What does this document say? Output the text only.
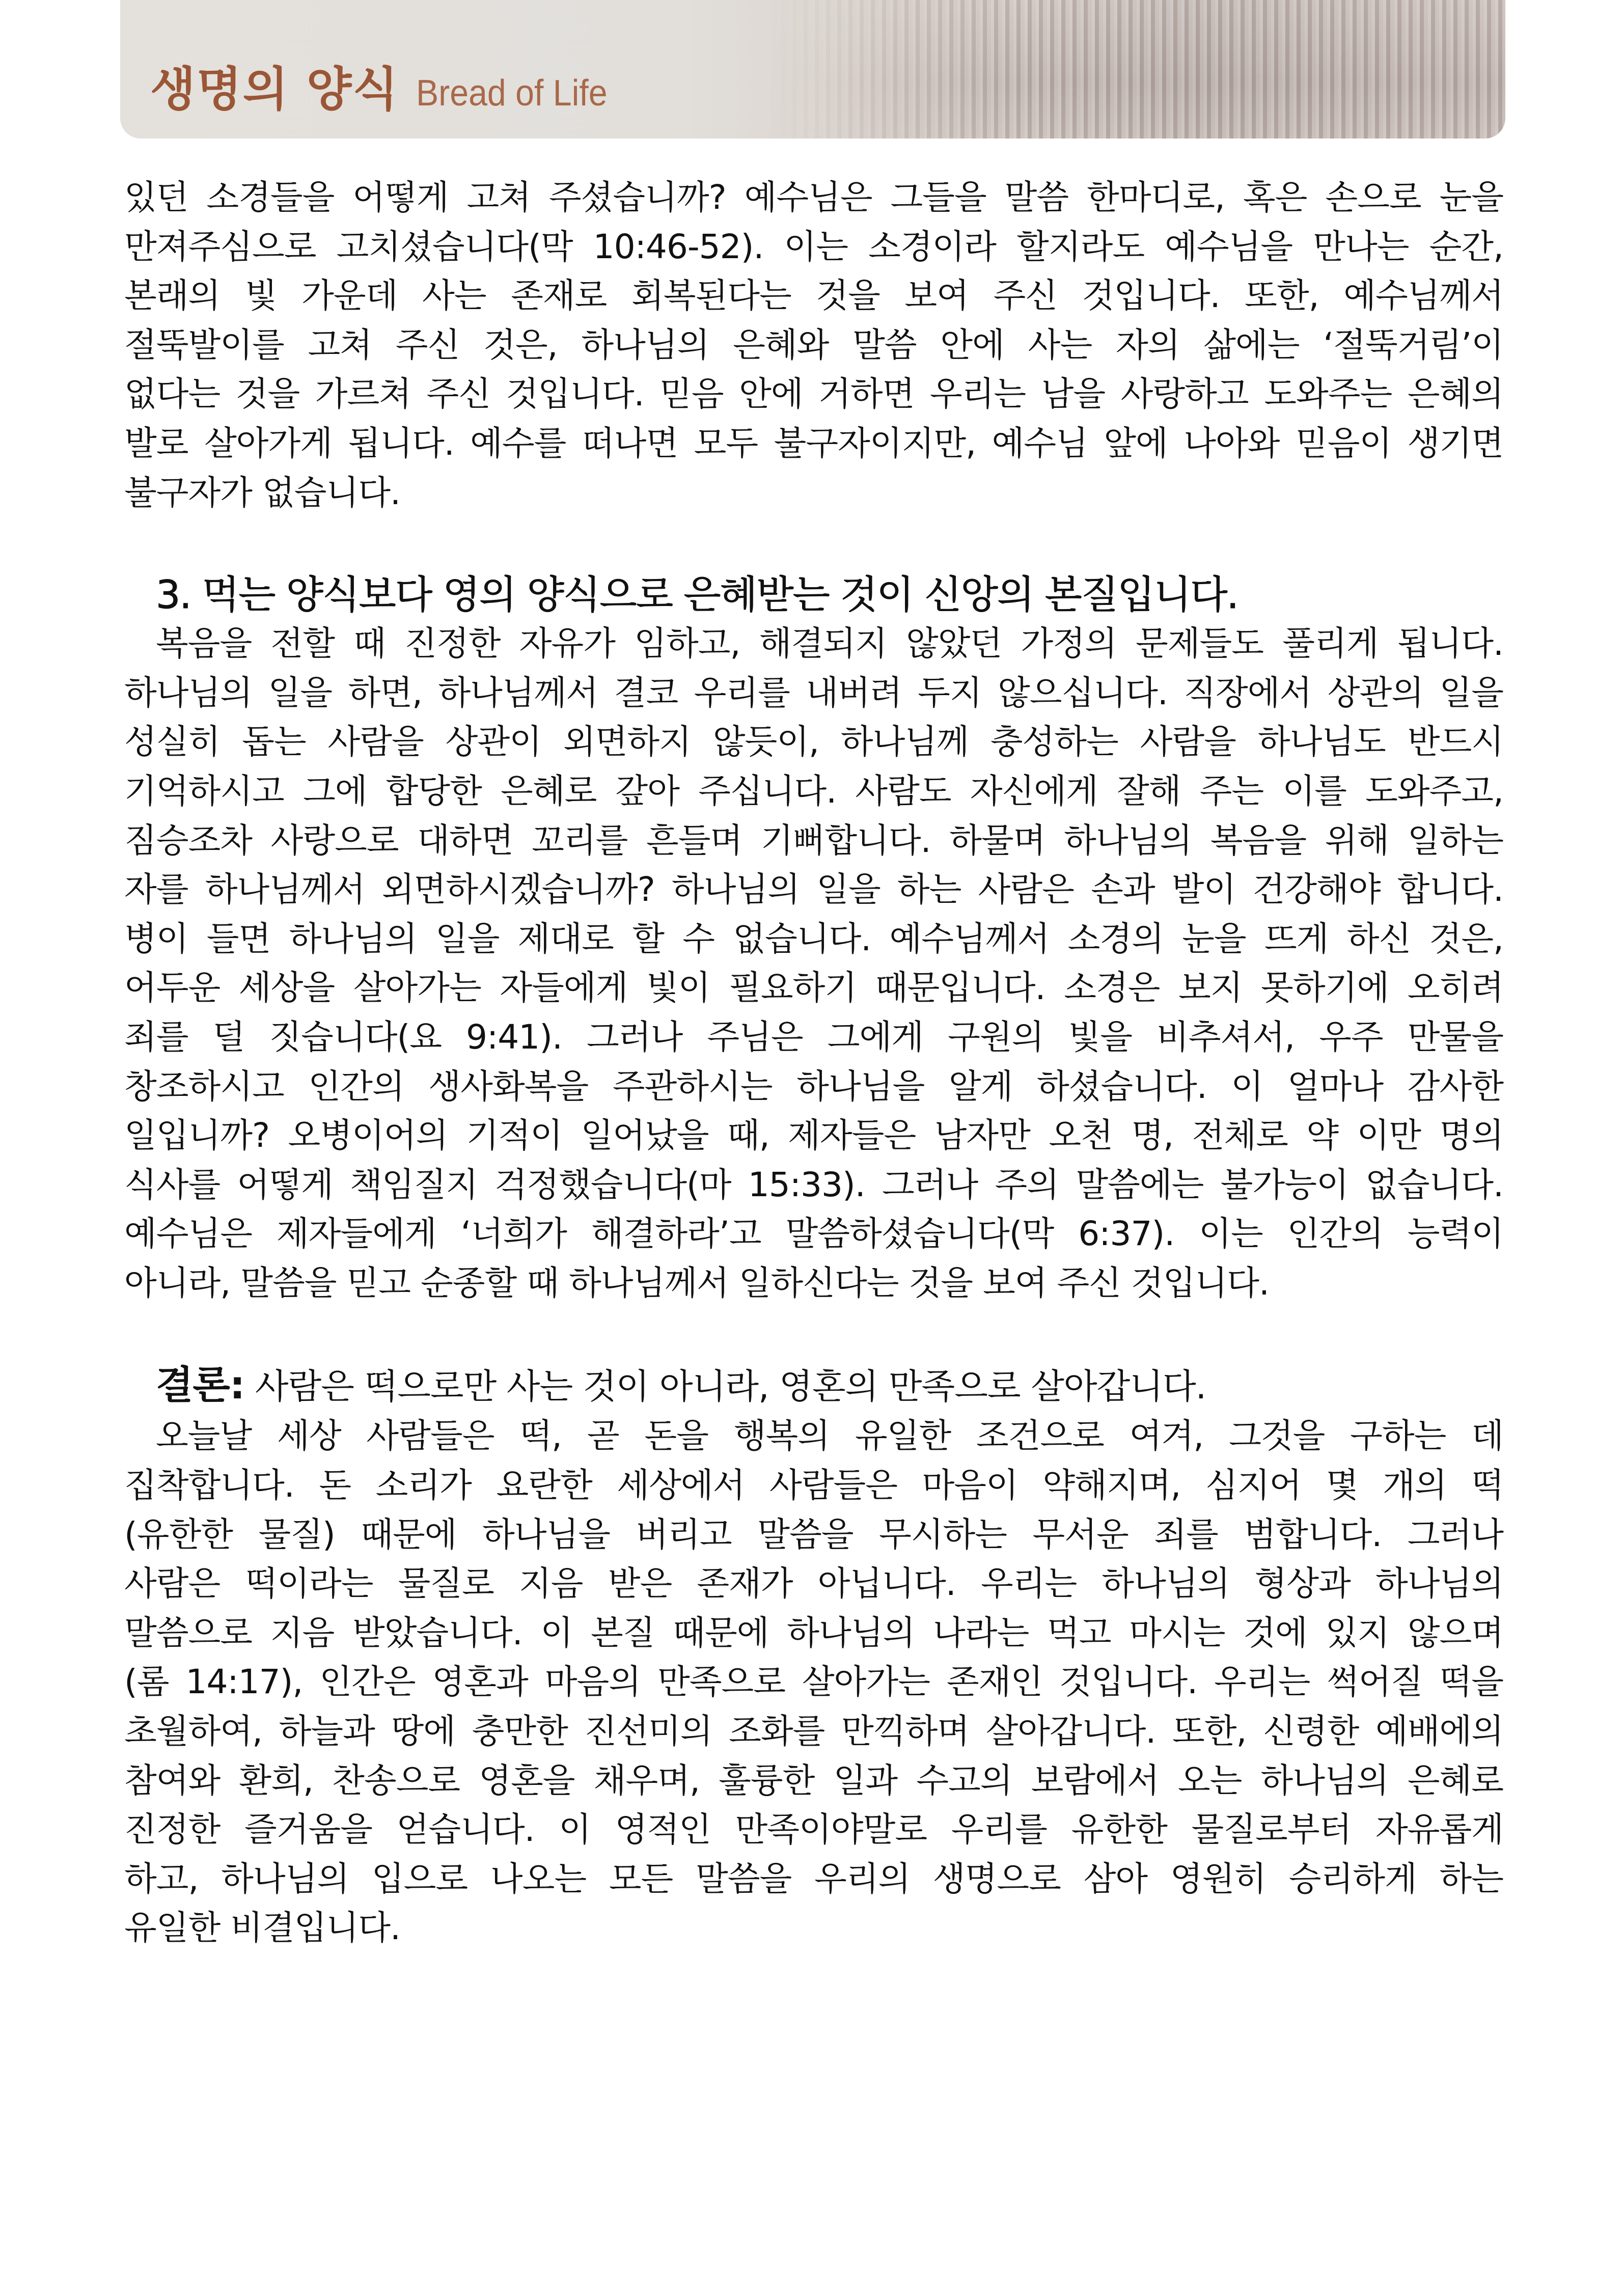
생명의 양식 Bread of Life

있던 소경들을 어떻게 고쳐 주셨습니까? 예수님은 그들을 말씀 한마디로, 혹은 손으로 눈을
만져주심으로 고치셨습니다(막 10:46-52). 이는 소경이라 할지라도 예수님을 만나는 순간,
본래의 빛 가운데 사는 존재로 회복된다는 것을 보여 주신 것입니다. 또한, 예수님께서
절뚝발이를 고쳐 주신 것은, 하나님의 은혜와 말씀 안에 사는 자의 삶에는 ‘절뚝거림’이
없다는 것을 가르쳐 주신 것입니다. 믿음 안에 거하면 우리는 남을 사랑하고 도와주는 은혜의
발로 살아가게 됩니다. 예수를 떠나면 모두 불구자이지만, 예수님 앞에 나아와 믿음이 생기면
불구자가 없습니다.

3. 먹는 양식보다 영의 양식으로 은혜받는 것이 신앙의 본질입니다.

복음을 전할 때 진정한 자유가 임하고, 해결되지 않았던 가정의 문제들도 풀리게 됩니다.
하나님의 일을 하면, 하나님께서 결코 우리를 내버려 두지 않으십니다. 직장에서 상관의 일을
성실히 돕는 사람을 상관이 외면하지 않듯이, 하나님께 충성하는 사람을 하나님도 반드시
기억하시고 그에 합당한 은혜로 갚아 주십니다. 사람도 자신에게 잘해 주는 이를 도와주고,
짐승조차 사랑으로 대하면 꼬리를 흔들며 기뻐합니다. 하물며 하나님의 복음을 위해 일하는
자를 하나님께서 외면하시겠습니까? 하나님의 일을 하는 사람은 손과 발이 건강해야 합니다.
병이 들면 하나님의 일을 제대로 할 수 없습니다. 예수님께서 소경의 눈을 뜨게 하신 것은,
어두운 세상을 살아가는 자들에게 빛이 필요하기 때문입니다. 소경은 보지 못하기에 오히려
죄를 덜 짓습니다(요 9:41). 그러나 주님은 그에게 구원의 빛을 비추셔서, 우주 만물을
창조하시고 인간의 생사화복을 주관하시는 하나님을 알게 하셨습니다. 이 얼마나 감사한
일입니까? 오병이어의 기적이 일어났을 때, 제자들은 남자만 오천 명, 전체로 약 이만 명의
식사를 어떻게 책임질지 걱정했습니다(마 15:33). 그러나 주의 말씀에는 불가능이 없습니다.
예수님은 제자들에게 ‘너희가 해결하라’고 말씀하셨습니다(막 6:37). 이는 인간의 능력이
아니라, 말씀을 믿고 순종할 때 하나님께서 일하신다는 것을 보여 주신 것입니다.

결론: 사람은 떡으로만 사는 것이 아니라, 영혼의 만족으로 살아갑니다.

오늘날 세상 사람들은 떡, 곧 돈을 행복의 유일한 조건으로 여겨, 그것을 구하는 데
집착합니다. 돈 소리가 요란한 세상에서 사람들은 마음이 약해지며, 심지어 몇 개의 떡
(유한한 물질) 때문에 하나님을 버리고 말씀을 무시하는 무서운 죄를 범합니다. 그러나
사람은 떡이라는 물질로 지음 받은 존재가 아닙니다. 우리는 하나님의 형상과 하나님의
말씀으로 지음 받았습니다. 이 본질 때문에 하나님의 나라는 먹고 마시는 것에 있지 않으며
(롬 14:17), 인간은 영혼과 마음의 만족으로 살아가는 존재인 것입니다. 우리는 썩어질 떡을
초월하여, 하늘과 땅에 충만한 진선미의 조화를 만끽하며 살아갑니다. 또한, 신령한 예배에의
참여와 환희, 찬송으로 영혼을 채우며, 훌륭한 일과 수고의 보람에서 오는 하나님의 은혜로
진정한 즐거움을 얻습니다. 이 영적인 만족이야말로 우리를 유한한 물질로부터 자유롭게
하고, 하나님의 입으로 나오는 모든 말씀을 우리의 생명으로 삼아 영원히 승리하게 하는
유일한 비결입니다.
